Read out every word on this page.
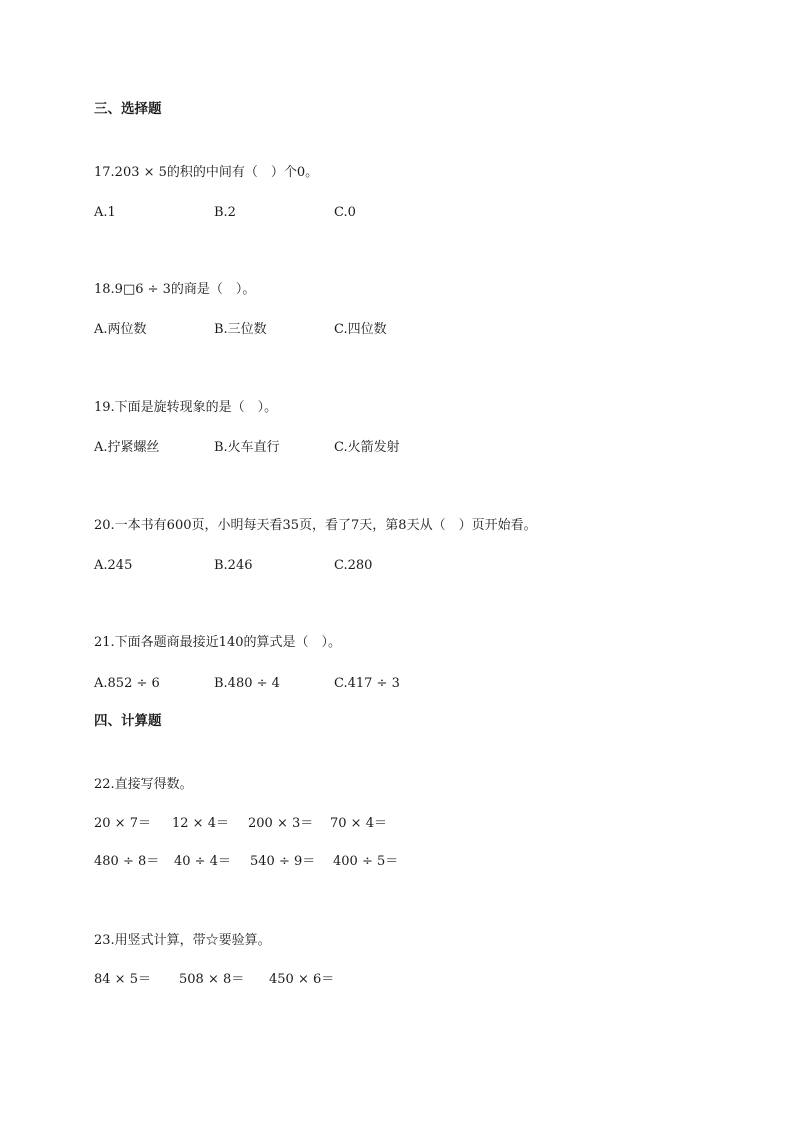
三、选择题
17.203 × 5的积的中间有（　）个0。
A.1	B.2	C.0
18.9□6 ÷ 3的商是（　）。
A.两位数	B.三位数	C.四位数
19.下面是旋转现象的是（　）。
A.拧紧螺丝	B.火车直行	C.火箭发射
20.一本书有600页，小明每天看35页，看了7天，第8天从（　）页开始看。
A.245	B.246	C.280
21.下面各题商最接近140的算式是（　）。
A.852 ÷ 6	B.480 ÷ 4	C.417 ÷ 3
四、计算题
22.直接写得数。
20 × 7＝ 12 × 4＝ 200 × 3＝ 70 × 4＝
480 ÷ 8＝ 40 ÷ 4＝ 540 ÷ 9＝ 400 ÷ 5＝
23.用竖式计算，带☆要验算。
84 × 5＝ 508 × 8＝ 450 × 6＝
